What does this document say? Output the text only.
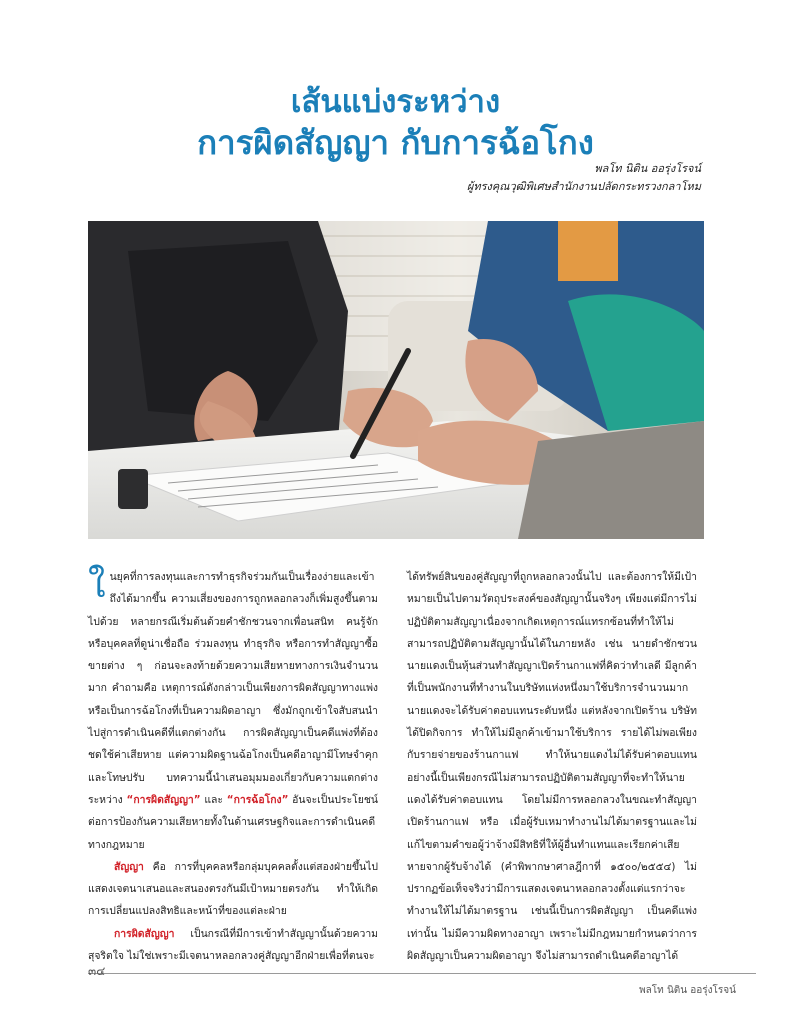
เส้นแบ่งระหว่าง
การผิดสัญญา กับการฉ้อโกง
พลโท นิติน ออรุ่งโรจน์
ผู้ทรงคุณวุฒิพิเศษสำนักงานปลัดกระทรวงกลาโหม

ในยุคที่การลงทุนและการทำธุรกิจร่วมกันเป็นเรื่องง่ายและเข้าถึงได้มากขึ้น ความเสี่ยงของการถูกหลอกลวงก็เพิ่มสูงขึ้นตามไปด้วย หลายกรณีเริ่มต้นด้วยคำชักชวนจากเพื่อนสนิท คนรู้จัก หรือบุคคลที่ดูน่าเชื่อถือ ร่วมลงทุน ทำธุรกิจ หรือการทำสัญญาซื้อขายต่าง ๆ ก่อนจะลงท้ายด้วยความเสียหายทางการเงินจำนวนมาก คำถามคือ เหตุการณ์ดังกล่าวเป็นเพียงการผิดสัญญาทางแพ่ง หรือเป็นการฉ้อโกงที่เป็นความผิดอาญา ซึ่งมักถูกเข้าใจสับสนนำไปสู่การดำเนินคดีที่แตกต่างกัน การผิดสัญญาเป็นคดีแพ่งที่ต้องชดใช้ค่าเสียหาย แต่ความผิดฐานฉ้อโกงเป็นคดีอาญามีโทษจำคุกและโทษปรับ บทความนี้นำเสนอมุมมองเกี่ยวกับความแตกต่างระหว่าง “การผิดสัญญา” และ “การฉ้อโกง” อันจะเป็นประโยชน์ต่อการป้องกันความเสียหายทั้งในด้านเศรษฐกิจและการดำเนินคดีทางกฎหมาย

สัญญา คือ การที่บุคคลหรือกลุ่มบุคคลตั้งแต่สองฝ่ายขึ้นไปแสดงเจตนาเสนอและสนองตรงกันมีเป้าหมายตรงกัน ทำให้เกิดการเปลี่ยนแปลงสิทธิและหน้าที่ของแต่ละฝ่าย

การผิดสัญญา เป็นกรณีที่มีการเข้าทำสัญญานั้นด้วยความสุจริตใจ ไม่ใช่เพราะมีเจตนาหลอกลวงคู่สัญญาอีกฝ่ายเพื่อที่ตนจะ

ได้ทรัพย์สินของคู่สัญญาที่ถูกหลอกลวงนั้นไป และต้องการให้มีเป้าหมายเป็นไปตามวัตถุประสงค์ของสัญญานั้นจริงๆ เพียงแต่มีการไม่ปฏิบัติตามสัญญาเนื่องจากเกิดเหตุการณ์แทรกซ้อนที่ทำให้ไม่สามารถปฏิบัติตามสัญญานั้นได้ในภายหลัง เช่น นายดำชักชวนนายแดงเป็นหุ้นส่วนทำสัญญาเปิดร้านกาแฟที่คิดว่าทำเลดี มีลูกค้าที่เป็นพนักงานที่ทำงานในบริษัทแห่งหนึ่งมาใช้บริการจำนวนมาก นายแดงจะได้รับค่าตอบแทนระดับหนึ่ง แต่หลังจากเปิดร้าน บริษัทได้ปิดกิจการ ทำให้ไม่มีลูกค้าเข้ามาใช้บริการ รายได้ไม่พอเพียงกับรายจ่ายของร้านกาแฟ ทำให้นายแดงไม่ได้รับค่าตอบแทน อย่างนี้เป็นเพียงกรณีไม่สามารถปฏิบัติตามสัญญาที่จะทำให้นายแดงได้รับค่าตอบแทน โดยไม่มีการหลอกลวงในขณะทำสัญญาเปิดร้านกาแฟ หรือ เมื่อผู้รับเหมาทำงานไม่ได้มาตรฐานและไม่แก้ไขตามคำขอผู้ว่าจ้างมีสิทธิที่ให้ผู้อื่นทำแทนและเรียกค่าเสียหายจากผู้รับจ้างได้ (คำพิพากษาศาลฎีกาที่ ๑๕๐๐/๒๕๕๔) ไม่ปรากฏข้อเท็จจริงว่ามีการแสดงเจตนาหลอกลวงตั้งแต่แรกว่าจะทำงานให้ไม่ได้มาตรฐาน เช่นนี้เป็นการผิดสัญญา เป็นคดีแพ่งเท่านั้น ไม่มีความผิดทางอาญา เพราะไม่มีกฎหมายกำหนดว่าการผิดสัญญาเป็นความผิดอาญา จึงไม่สามารถดำเนินคดีอาญาได้

๓๔
พลโท นิติน ออรุ่งโรจน์
